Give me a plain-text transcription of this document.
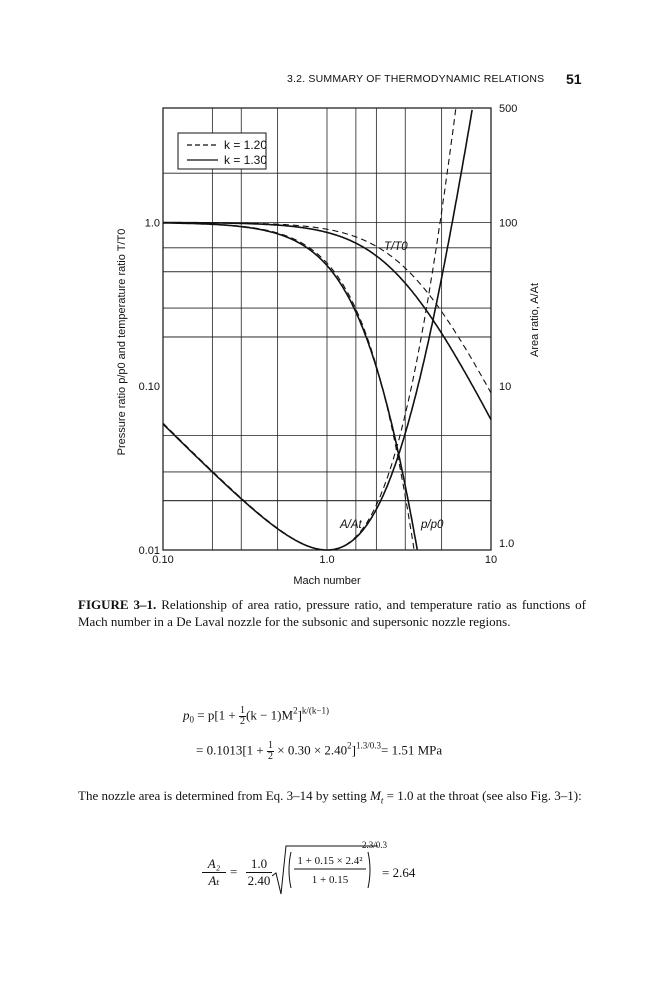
3.2. SUMMARY OF THERMODYNAMIC RELATIONS 51
0.10	1.0	10
0.01
0.10
1.0
1.0
10
100
500
k = 1.20
k = 1.30
T/T0
A/At	p/p0
Mach number
Pressure ratio p/p0 and temperature ratio T/T0	Area ratio, A/At
FIGURE 3–1. Relationship of area ratio, pressure ratio, and temperature ratio as functions of Mach number in a De Laval nozzle for the subsonic and supersonic nozzle regions.
$p_0 = p[1 + \frac{1}{2} (k - 1)M^2]^{k/(k-1)}$
= $0.1013[1 + \frac{1}{2} \times 0.30 \times 2.40^2]^{1.3/0.3}= 1.51$ MPa
The nozzle area is determined from Eq. 3–14 by setting $M_t = 1.0$ at the throat (see also Fig. 3–1):
A₂
Aₜ
=
1.0
2.40
1 + 0.15 × 2.4²
1 + 0.15
2.3/0.3
= 2.64
